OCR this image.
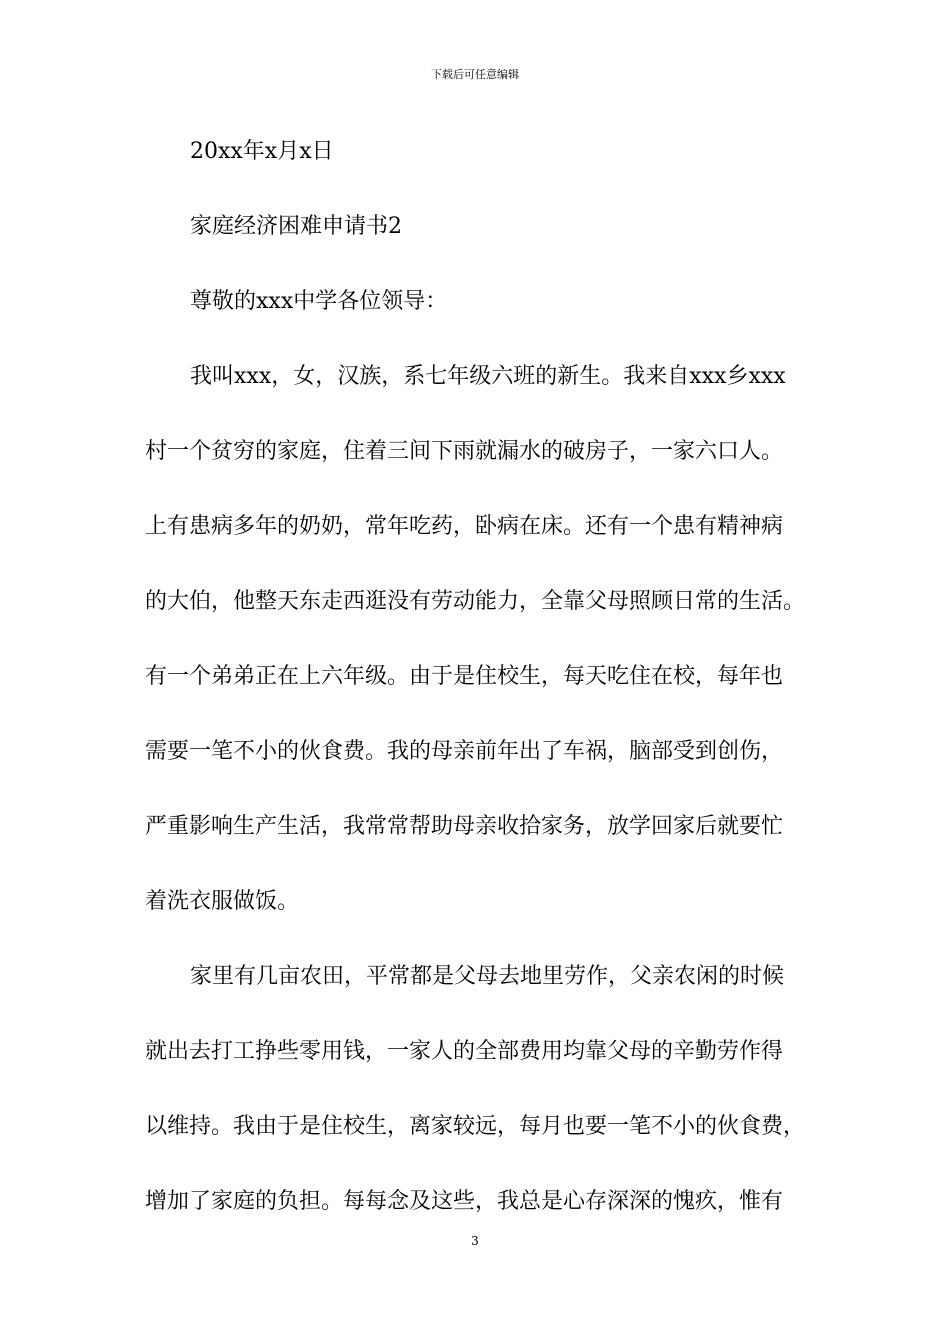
下载后可任意编辑
20xx年x月x日
家庭经济困难申请书2
尊敬的xxx中学各位领导：
我叫xxx，女，汉族，系七年级六班的新生。我来自xxx乡xxx
村一个贫穷的家庭，住着三间下雨就漏水的破房子，一家六口人。
上有患病多年的奶奶，常年吃药，卧病在床。还有一个患有精神病
的大伯，他整天东走西逛没有劳动能力，全靠父母照顾日常的生活。
有一个弟弟正在上六年级。由于是住校生，每天吃住在校，每年也
需要一笔不小的伙食费。我的母亲前年出了车祸，脑部受到创伤，
严重影响生产生活，我常常帮助母亲收拾家务，放学回家后就要忙
着洗衣服做饭。
家里有几亩农田，平常都是父母去地里劳作，父亲农闲的时候
就出去打工挣些零用钱，一家人的全部费用均靠父母的辛勤劳作得
以维持。我由于是住校生，离家较远，每月也要一笔不小的伙食费，
增加了家庭的负担。每每念及这些，我总是心存深深的愧疚，惟有
3
